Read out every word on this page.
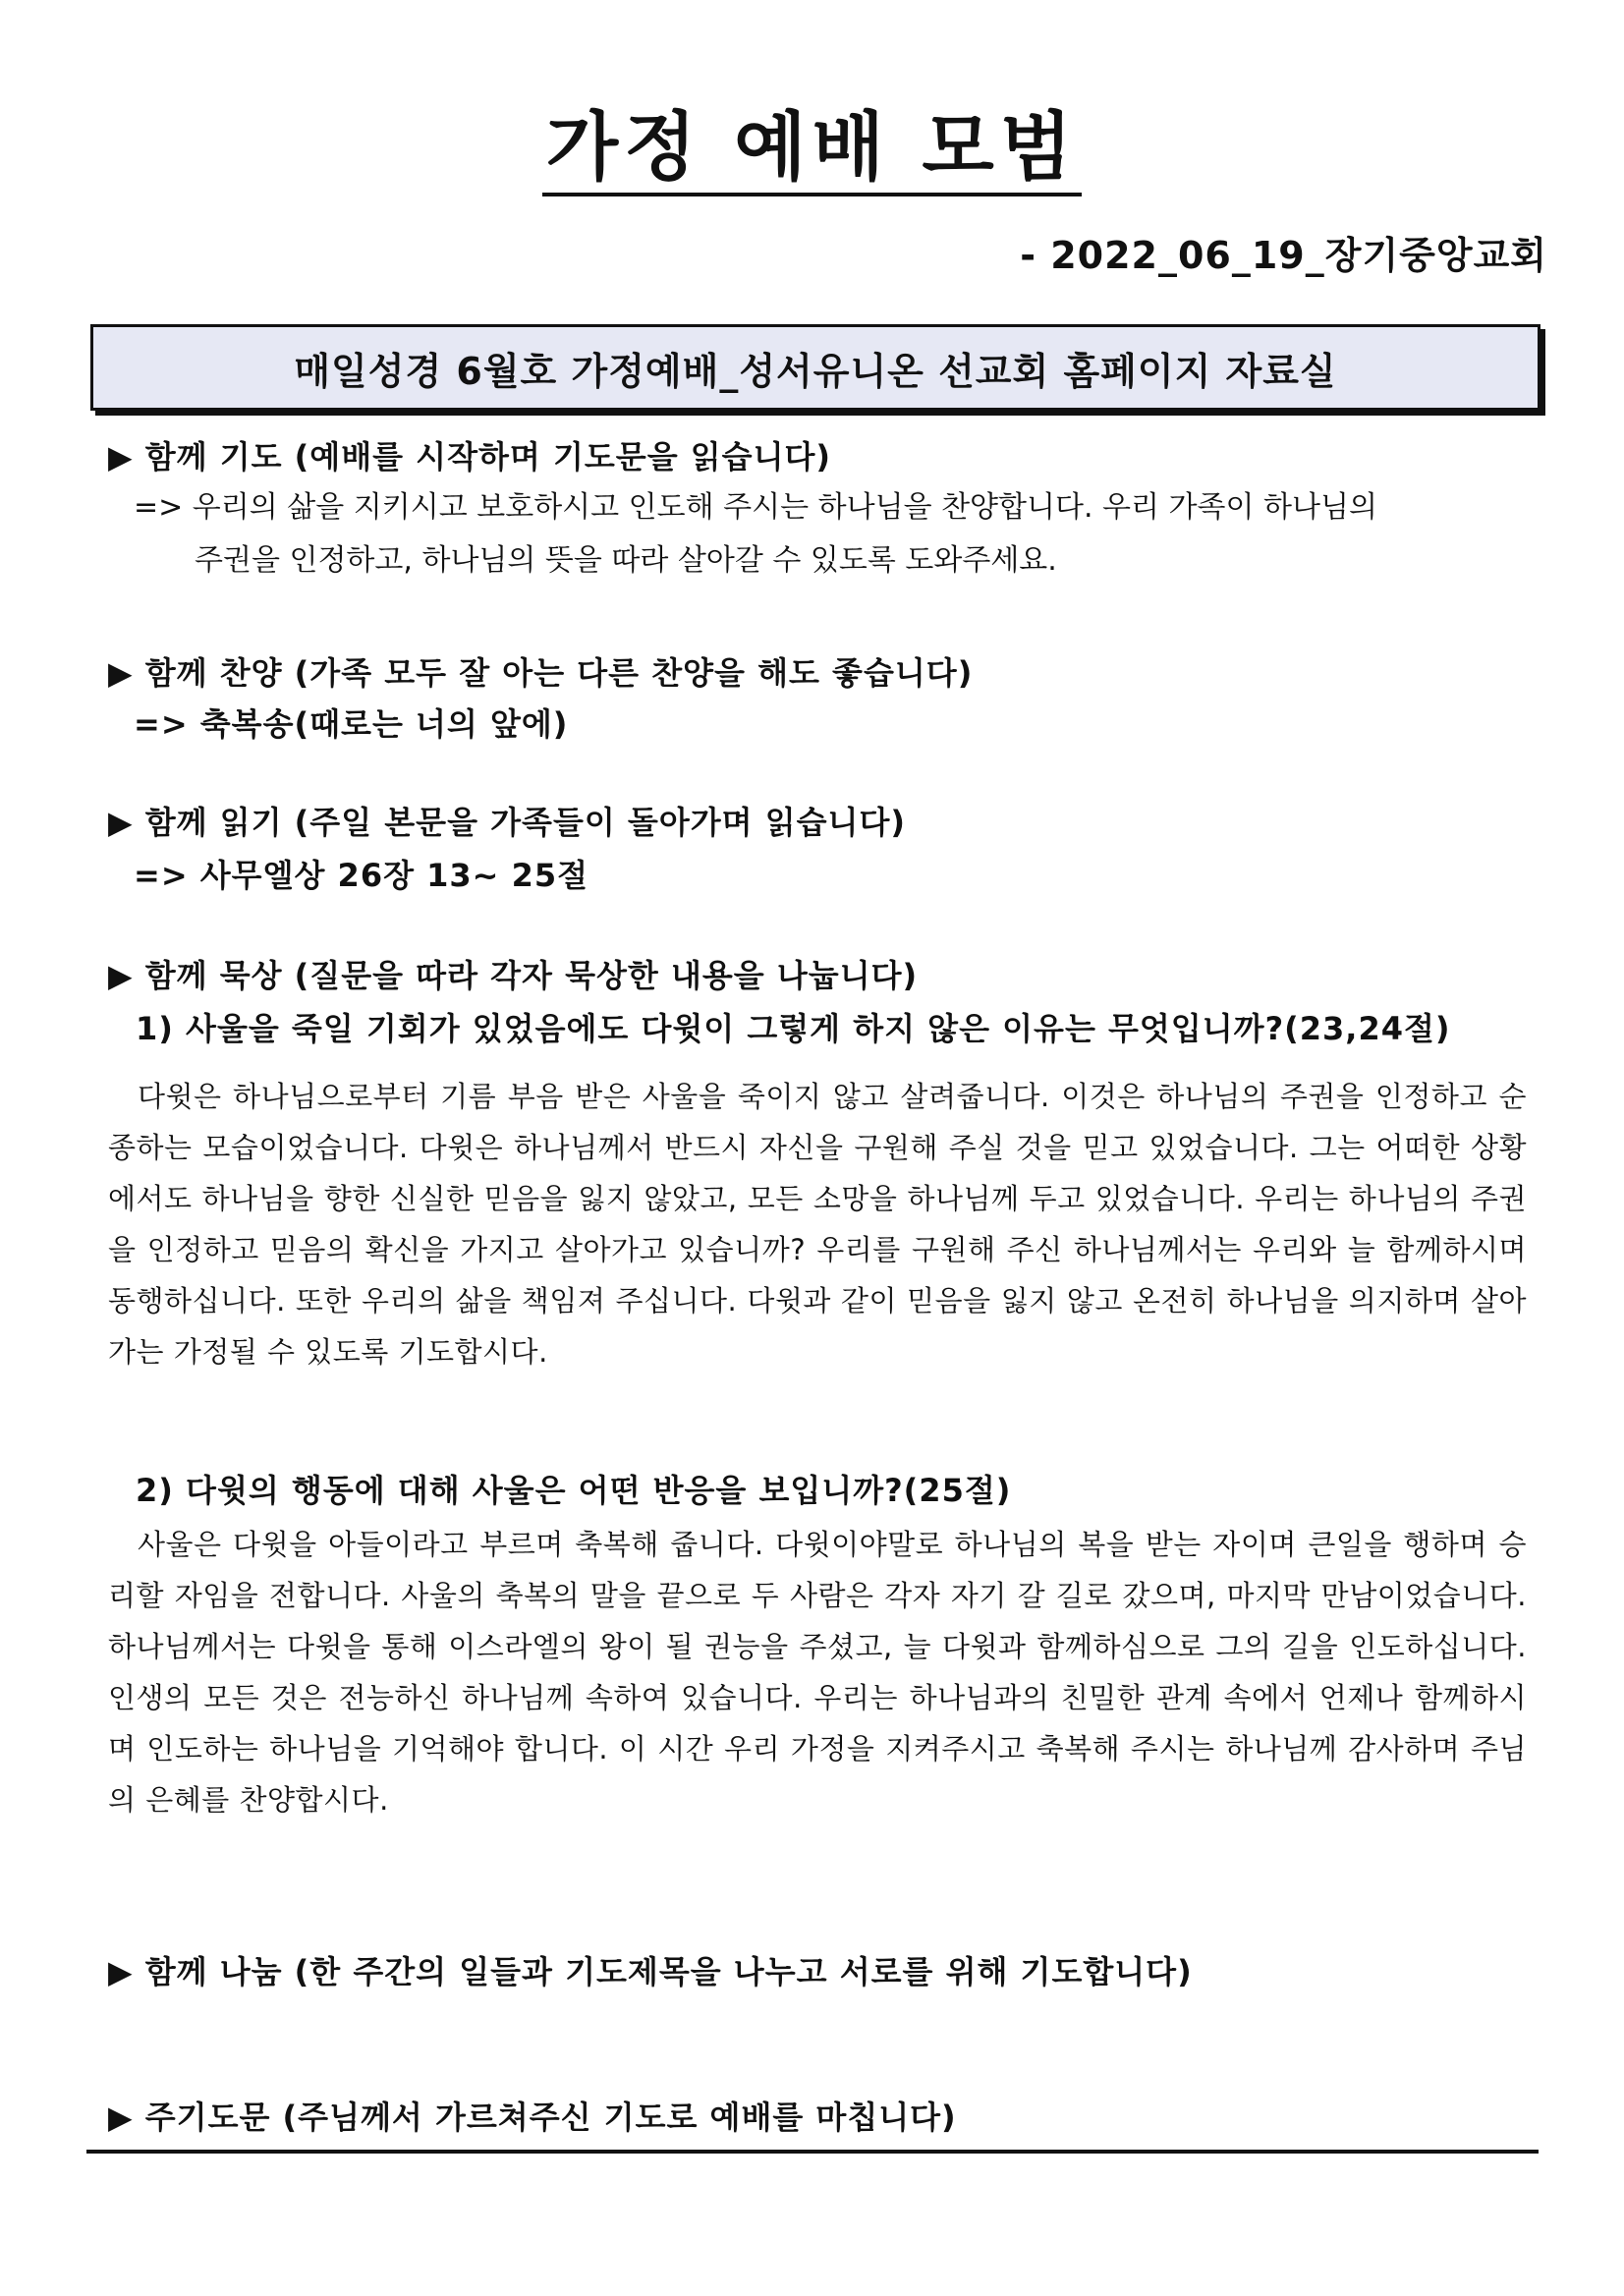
가정 예배 모범
- 2022_06_19_장기중앙교회
매일성경 6월호 가정예배_성서유니온 선교회 홈페이지 자료실
▶ 함께 기도 (예배를 시작하며 기도문을 읽습니다)
=> 우리의 삶을 지키시고 보호하시고 인도해 주시는 하나님을 찬양합니다. 우리 가족이 하나님의
주권을 인정하고, 하나님의 뜻을 따라 살아갈 수 있도록 도와주세요.
▶ 함께 찬양 (가족 모두 잘 아는 다른 찬양을 해도 좋습니다)
=> 축복송(때로는 너의 앞에)
▶ 함께 읽기 (주일 본문을 가족들이 돌아가며 읽습니다)
=> 사무엘상 26장 13~ 25절
▶ 함께 묵상 (질문을 따라 각자 묵상한 내용을 나눕니다)
1) 사울을 죽일 기회가 있었음에도 다윗이 그렇게 하지 않은 이유는 무엇입니까?(23,24절)

다윗은 하나님으로부터 기름 부음 받은 사울을 죽이지 않고 살려줍니다. 이것은 하나님의 주권을 인정하고 순종하는 모습이었습니다. 다윗은 하나님께서 반드시 자신을 구원해 주실 것을 믿고 있었습니다. 그는 어떠한 상황에서도 하나님을 향한 신실한 믿음을 잃지 않았고, 모든 소망을 하나님께 두고 있었습니다. 우리는 하나님의 주권을 인정하고 믿음의 확신을 가지고 살아가고 있습니까? 우리를 구원해 주신 하나님께서는 우리와 늘 함께하시며 동행하십니다. 또한 우리의 삶을 책임져 주십니다. 다윗과 같이 믿음을 잃지 않고 온전히 하나님을 의지하며 살아가는 가정될 수 있도록 기도합시다.

2) 다윗의 행동에 대해 사울은 어떤 반응을 보입니까?(25절)

사울은 다윗을 아들이라고 부르며 축복해 줍니다. 다윗이야말로 하나님의 복을 받는 자이며 큰일을 행하며 승리할 자임을 전합니다. 사울의 축복의 말을 끝으로 두 사람은 각자 자기 갈 길로 갔으며, 마지막 만남이었습니다. 하나님께서는 다윗을 통해 이스라엘의 왕이 될 권능을 주셨고, 늘 다윗과 함께하심으로 그의 길을 인도하십니다. 인생의 모든 것은 전능하신 하나님께 속하여 있습니다. 우리는 하나님과의 친밀한 관계 속에서 언제나 함께하시며 인도하는 하나님을 기억해야 합니다. 이 시간 우리 가정을 지켜주시고 축복해 주시는 하나님께 감사하며 주님의 은혜를 찬양합시다.

▶ 함께 나눔 (한 주간의 일들과 기도제목을 나누고 서로를 위해 기도합니다)
▶ 주기도문 (주님께서 가르쳐주신 기도로 예배를 마칩니다)
